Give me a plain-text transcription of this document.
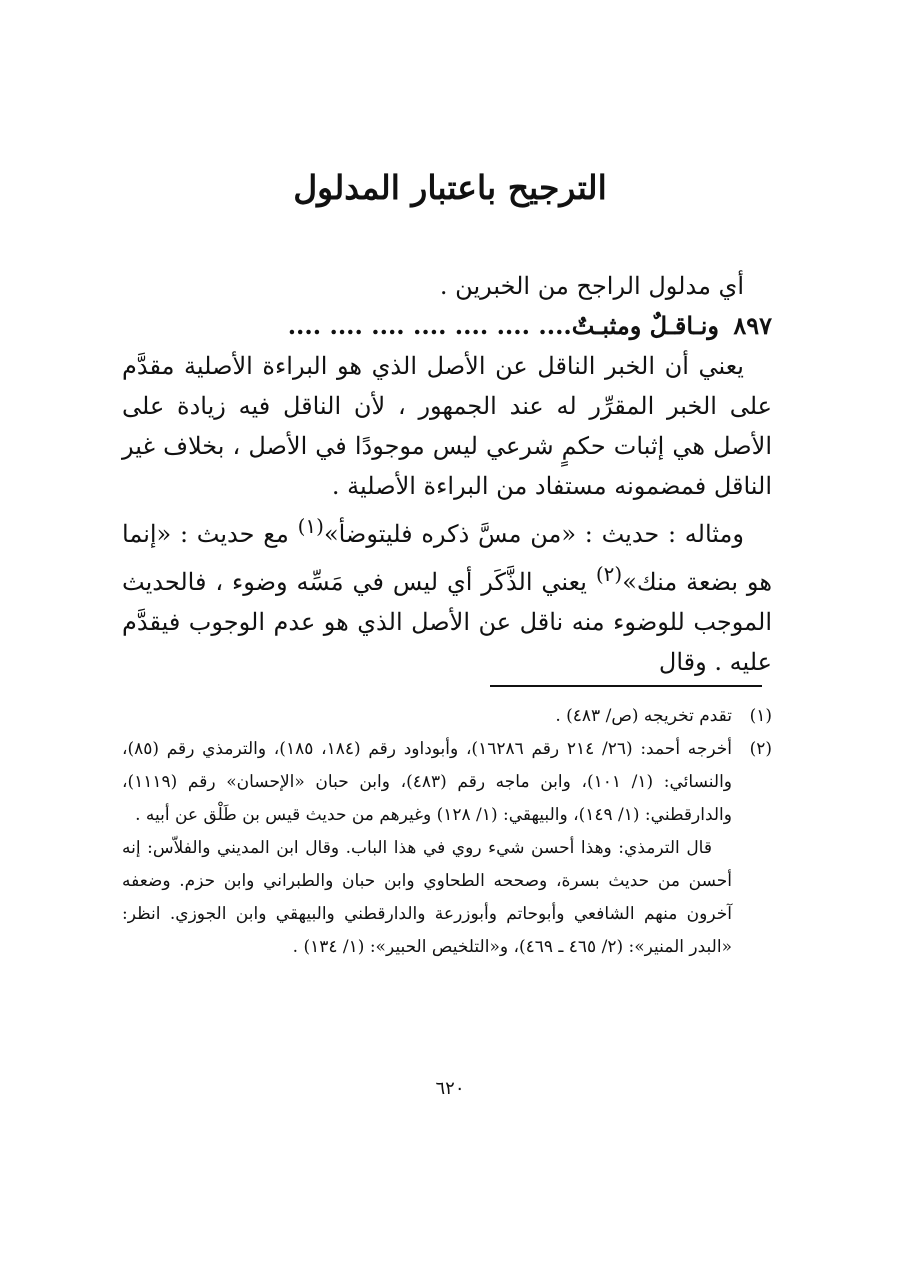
الترجيح باعتبار المدلول

أي مدلول الراجح من الخبرين .

٨٩٧ ونـاقـلٌ ومثبـتٌ.... .... .... .... .... .... ....

يعني أن الخبر الناقل عن الأصل الذي هو البراءة الأصلية مقدَّم على الخبر المقرِّر له عند الجمهور ، لأن الناقل فيه زيادة على الأصل هي إثبات حكمٍ شرعي ليس موجودًا في الأصل ، بخلاف غير الناقل فمضمونه مستفاد من البراءة الأصلية .

ومثاله : حديث : «من مسَّ ذكره فليتوضأ»$^{(١)}$ مع حديث : «إنما هو بضعة منك»$^{(٢)}$ يعني الذَّكَر أي ليس في مَسِّه وضوء ، فالحديث الموجب للوضوء منه ناقل عن الأصل الذي هو عدم الوجوب فيقدَّم عليه . وقال

(١)

تقدم تخريجه (ص/ ٤٨٣) .

(٢)

أخرجه أحمد: (٢٦/ ٢١٤ رقم ١٦٢٨٦)، وأبوداود رقم (١٨٤، ١٨٥)، والترمذي رقم (٨٥)، والنسائي: (١/ ١٠١)، وابن ماجه رقم (٤٨٣)، وابن حبان «الإحسان» رقم (١١١٩)، والدارقطني: (١/ ١٤٩)، والبيهقي: (١/ ١٢٨) وغيرهم من حديث قيس بن طَلْق عن أبيه .

قال الترمذي: وهذا أحسن شيء روي في هذا الباب. وقال ابن المديني والفلاّس: إنه أحسن من حديث بسرة، وصححه الطحاوي وابن حبان والطبراني وابن حزم. وضعفه آخرون منهم الشافعي وأبوحاتم وأبوزرعة والدارقطني والبيهقي وابن الجوزي. انظر: «البدر المنير»: (٢/ ٤٦٥ ـ ٤٦٩)، و«التلخيص الحبير»: (١/ ١٣٤) .

٦٢٠
